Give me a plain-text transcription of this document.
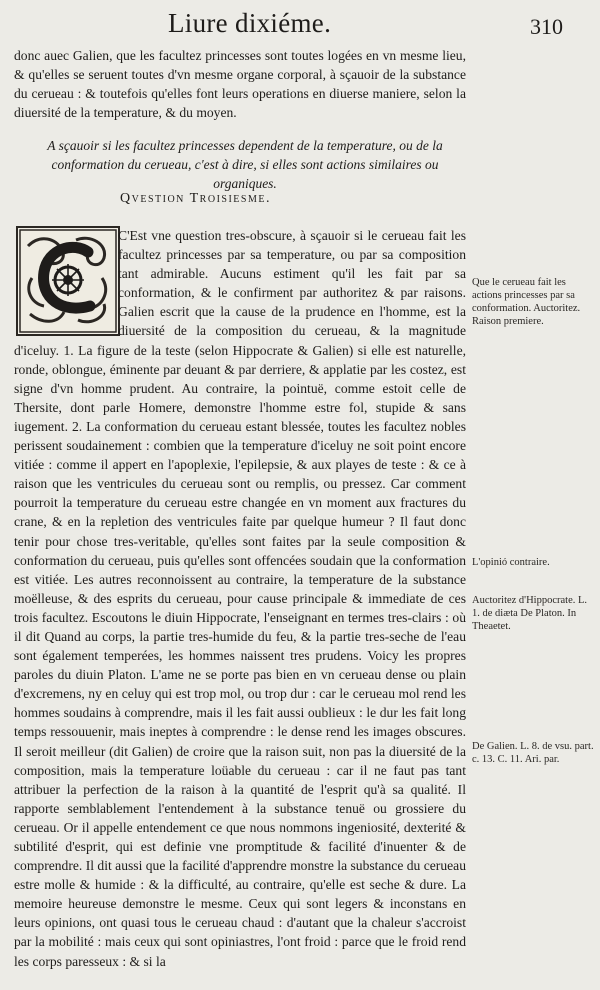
Liure dixiéme.	310

donc auec Galien, que les facultez princesses sont toutes logées en vn mesme lieu, & qu'elles se seruent toutes d'vn mesme organe corporal, à sçauoir de la substance du cerueau : & toutefois qu'elles font leurs operations en diuerse maniere, selon la diuersité de la temperature, & du moyen.

A sçauoir si les facultez princesses dependent de la temperature, ou de la conformation du cerueau, c'est à dire, si elles sont actions similaires ou organiques.
Qvestion Troisiesme.

C'Est vne question tres-obscure, à sçauoir si le cerueau fait les facultez princesses par sa temperature, ou par sa composition tant admirable. Aucuns estiment qu'il les fait par sa conformation, & le confirment par authoritez & par raisons. Galien escrit que la cause de la prudence en l'homme, est la diuersité de la composition du cerueau, & la magnitude d'iceluy. 1. La figure de la teste (selon Hippocrate & Galien) si elle est naturelle, ronde, oblongue, éminente par deuant & par derriere, & applatie par les costez, est signe d'vn homme prudent. Au contraire, la pointuë, comme estoit celle de Thersite, dont parle Homere, demonstre l'homme estre fol, stupide & sans iugement. 2. La conformation du cerueau estant blessée, toutes les facultez nobles perissent soudainement : combien que la temperature d'iceluy ne soit point encore vitiée : comme il appert en l'apoplexie, l'epilepsie, & aux playes de teste : & ce à raison que les ventricules du cerueau sont ou remplis, ou pressez. Car comment pourroit la temperature du cerueau estre changée en vn moment aux fractures du crane, & en la repletion des ventricules faite par quelque humeur ? Il faut donc tenir pour chose tres-veritable, qu'elles sont faites par la seule composition & conformation du cerueau, puis qu'elles sont offencées soudain que la conformation est vitiée. Les autres reconnoissent au contraire, la temperature de la substance moëlleuse, & des esprits du cerueau, pour cause principale & immediate de ces trois facultez. Escoutons le diuin Hippocrate, l'enseignant en termes tres-clairs : où il dit Quand au corps, la partie tres-humide du feu, & la partie tres-seche de l'eau sont également temperées, les hommes naissent tres prudens. Voicy les propres paroles du diuin Platon. L'ame ne se porte pas bien en vn cerueau dense ou plain d'excremens, ny en celuy qui est trop mol, ou trop dur : car le cerueau mol rend les hommes soudains à comprendre, mais il les fait aussi oublieux : le dur les fait long temps ressouuenir, mais ineptes à comprendre : le dense rend les images obscures. Il seroit meilleur (dit Galien) de croire que la raison suit, non pas la diuersité de la composition, mais la temperature loüable du cerueau : car il ne faut pas tant attribuer la perfection de la raison à la quantité de l'esprit qu'à sa qualité. Il rapporte semblablement l'entendement à la substance tenuë ou grossiere du cerueau. Or il appelle entendement ce que nous nommons ingeniosité, dexterité & subtilité d'esprit, qui est definie vne promptitude & facilité d'inuenter & de comprendre. Il dit aussi que la facilité d'apprendre monstre la substance du cerueau estre molle & humide : & la difficulté, au contraire, qu'elle est seche & dure. La memoire heureuse demonstre le mesme. Ceux qui sont legers & inconstans en leurs opinions, ont quasi tous le cerueau chaud : d'autant que la chaleur s'accroist par la mobilité : mais ceux qui sont opiniastres, l'ont froid : parce que le froid rend les corps paresseux : & si la

Que le cerueau fait les actions princesses par sa conformation. Auctoritez. Raison premiere.
L'opinió contraire.
Auctoritez d'Hippocrate. L. 1. de diæta De Platon. In Theaetet.
De Galien. L. 8. de vsu. part. c. 13. C. 11. Ari. par.
